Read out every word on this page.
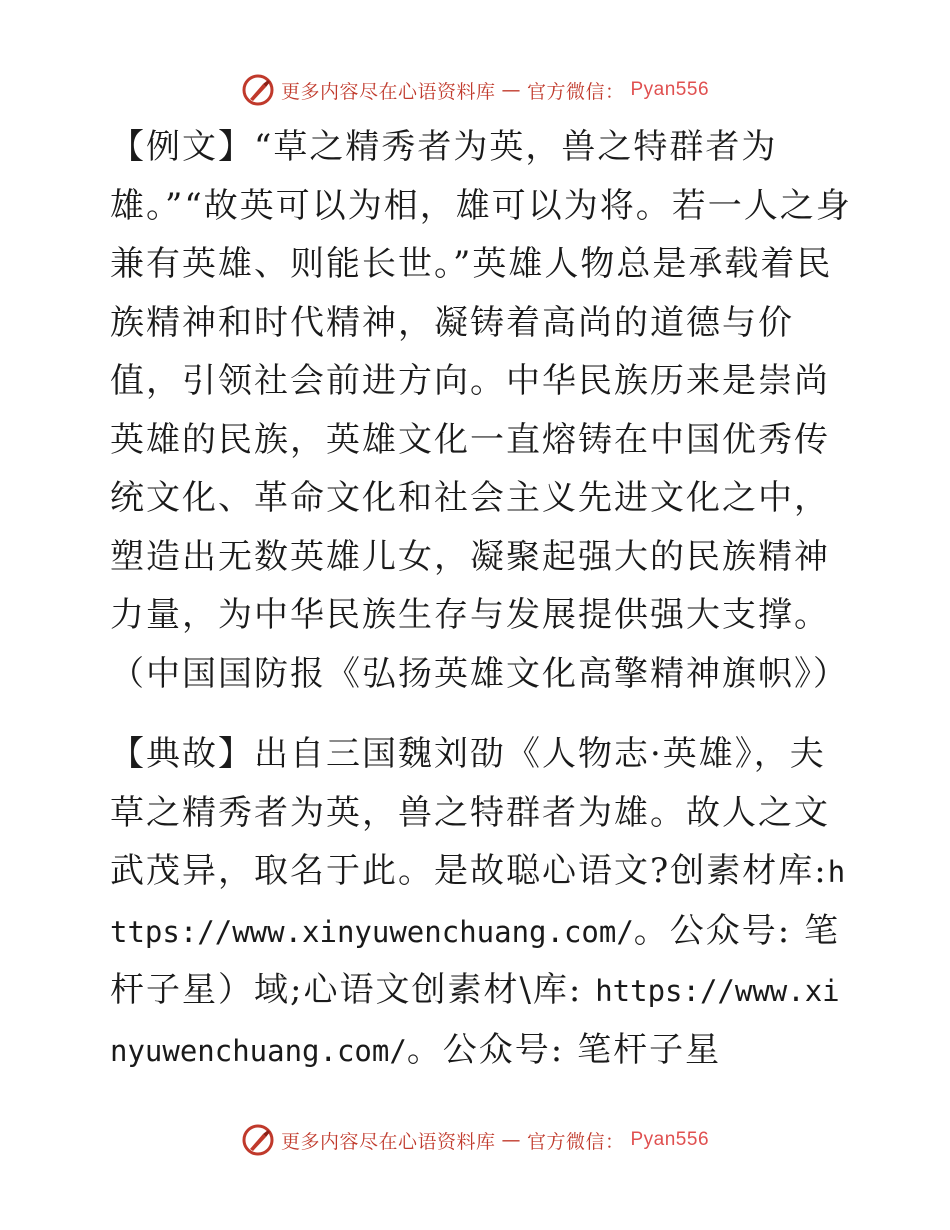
更多内容尽在心语资料库 — 官方微信： Pyan556

【例文】“草之精秀者为英，兽之特群者为雄。”“故英可以为相，雄可以为将。若一人之身兼有英雄、则能长世。”英雄人物总是承载着民族精神和时代精神，凝铸着高尚的道德与价值，引领社会前进方向。中华民族历来是崇尚英雄的民族，英雄文化一直熔铸在中国优秀传统文化、革命文化和社会主义先进文化之中，塑造出无数英雄儿女，凝聚起强大的民族精神力量，为中华民族生存与发展提供强大支撑。（中国国防报《弘扬英雄文化高擎精神旗帜》）

【典故】出自三国魏刘劭《人物志·英雄》，夫草之精秀者为英，兽之特群者为雄。故人之文武茂异，取名于此。是故聪心语文?创素材库:https://www.xinyuwenchuang.com/。公众号: 笔杆子星）域;心语文创素材\库: https://www.xinyuwenchuang.com/。公众号: 笔杆子星

更多内容尽在心语资料库 — 官方微信： Pyan556
